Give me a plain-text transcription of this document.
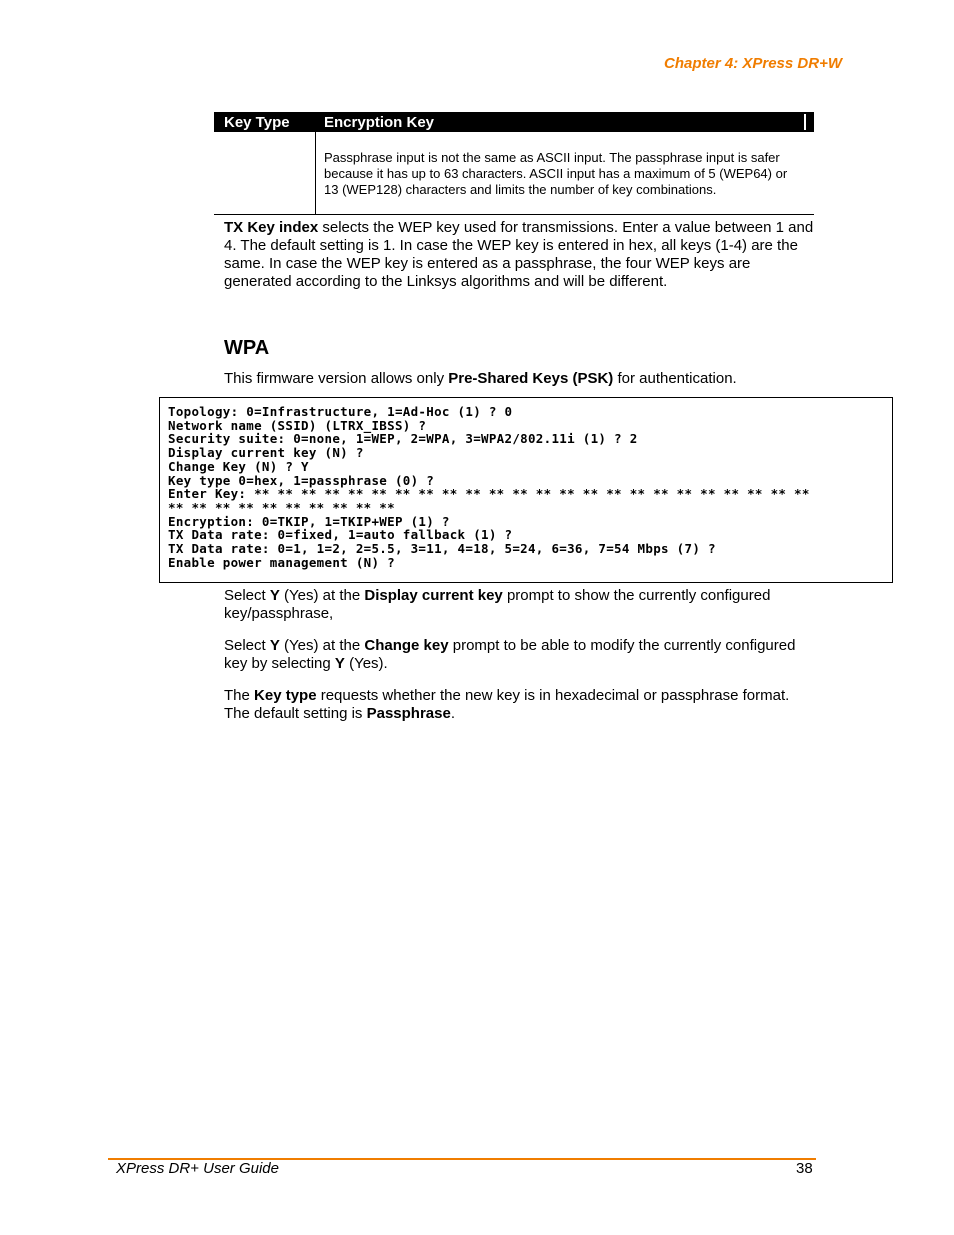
Chapter 4: XPress DR+W
Key Type Encryption Key
Passphrase input is not the same as ASCII input. The passphrase input is safer because it has up to 63 characters. ASCII input has a maximum of 5 (WEP64) or 13 (WEP128) characters and limits the number of key combinations.
TX Key index selects the WEP key used for transmissions. Enter a value between 1 and 4. The default setting is 1. In case the WEP key is entered in hex, all keys (1-4) are the same. In case the WEP key is entered as a passphrase, the four WEP keys are generated according to the Linksys algorithms and will be different.
WPA
This firmware version allows only Pre-Shared Keys (PSK) for authentication.
Topology: 0=Infrastructure, 1=Ad-Hoc (1) ? 0
Network name (SSID) (LTRX_IBSS) ?
Security suite: 0=none, 1=WEP, 2=WPA, 3=WPA2/802.11i (1) ? 2
Display current key (N) ?
Change Key (N) ? Y
Key type 0=hex, 1=passphrase (0) ?
Enter Key: ** ** ** ** ** ** ** ** ** ** ** ** ** ** ** ** ** ** ** ** ** ** ** **
** ** ** ** ** ** ** ** ** **
Encryption: 0=TKIP, 1=TKIP+WEP (1) ?
TX Data rate: 0=fixed, 1=auto fallback (1) ?
TX Data rate: 0=1, 1=2, 2=5.5, 3=11, 4=18, 5=24, 6=36, 7=54 Mbps (7) ?
Enable power management (N) ?
Select Y (Yes) at the Display current key prompt to show the currently configured key/passphrase,
Select Y (Yes) at the Change key prompt to be able to modify the currently configured key by selecting Y (Yes).
The Key type requests whether the new key is in hexadecimal or passphrase format. The default setting is Passphrase.
XPress DR+ User Guide	38
